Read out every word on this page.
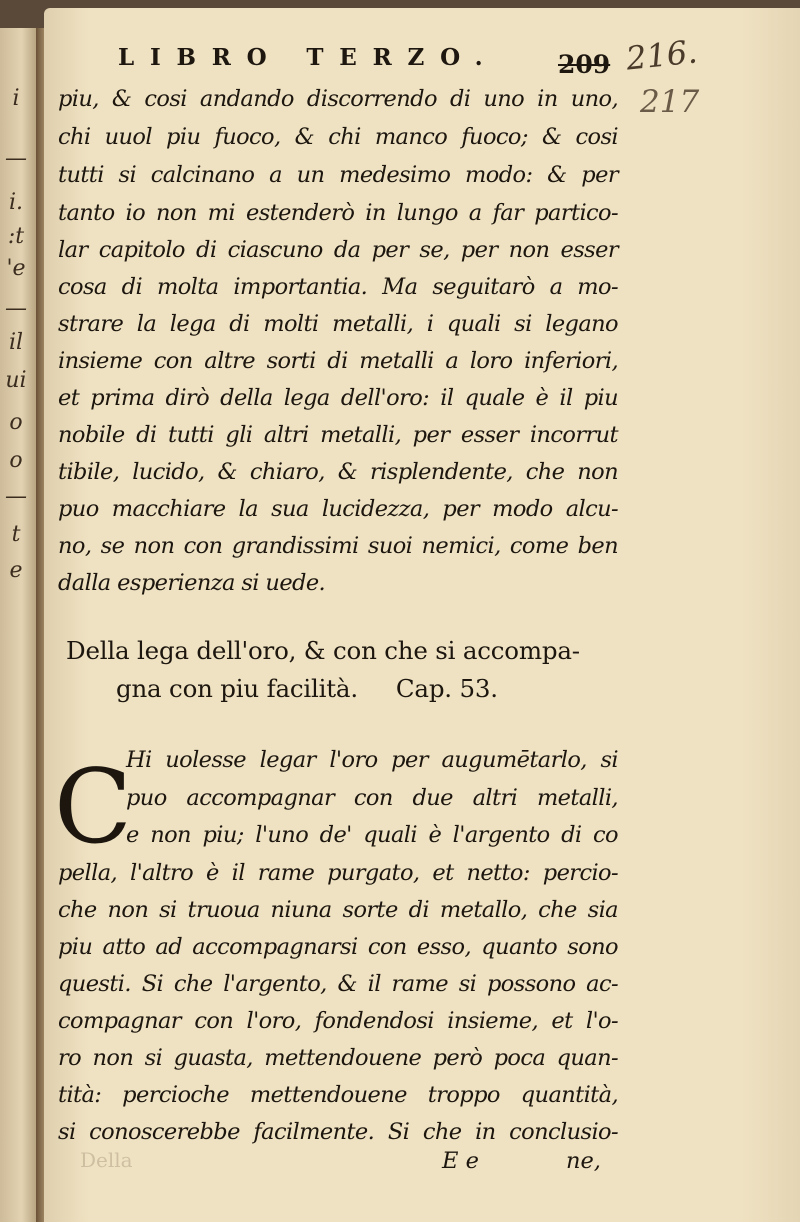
i
—
i.
:t
'e
—
il
ui
o
o
—
t
e

LIBRO TERZO. 209 216.

217

piu, & cosi andando discorrendo di uno in uno,

chi uuol piu fuoco, & chi manco fuoco; & cosi

tutti si calcinano a un medesimo modo: & per

tanto io non mi estenderò in lungo a far partico-

lar capitolo di ciascuno da per se, per non esser

cosa di molta importantia. Ma seguitarò a mo-

strare la lega di molti metalli, i quali si legano

insieme con altre sorti di metalli a loro inferiori,

et prima dirò della lega dell'oro: il quale è il piu

nobile di tutti gli altri metalli, per esser incorrut

tibile, lucido, & chiaro, & risplendente, che non

puo macchiare la sua lucidezza, per modo alcu-

no, se non con grandissimi suoi nemici, come ben

dalla esperienza si uede.

Della lega dell'oro, & con che si accompa-

gna con piu facilità.     Cap. 53.

C

Hi uolesse legar l'oro per augumētarlo, si

puo accompagnar con due altri metalli,

e non piu; l'uno de' quali è l'argento di co

pella, l'altro è il rame purgato, et netto: percio-

che non si truoua niuna sorte di metallo, che sia

piu atto ad accompagnarsi con esso, quanto sono

questi. Si che l'argento, & il rame si possono ac-

compagnar con l'oro, fondendosi insieme, et l'o-

ro non si guasta, mettendouene però poca quan-

tità: percioche mettendouene troppo quantità,

si conoscerebbe facilmente. Si che in conclusio-

Della	E e	ne,
